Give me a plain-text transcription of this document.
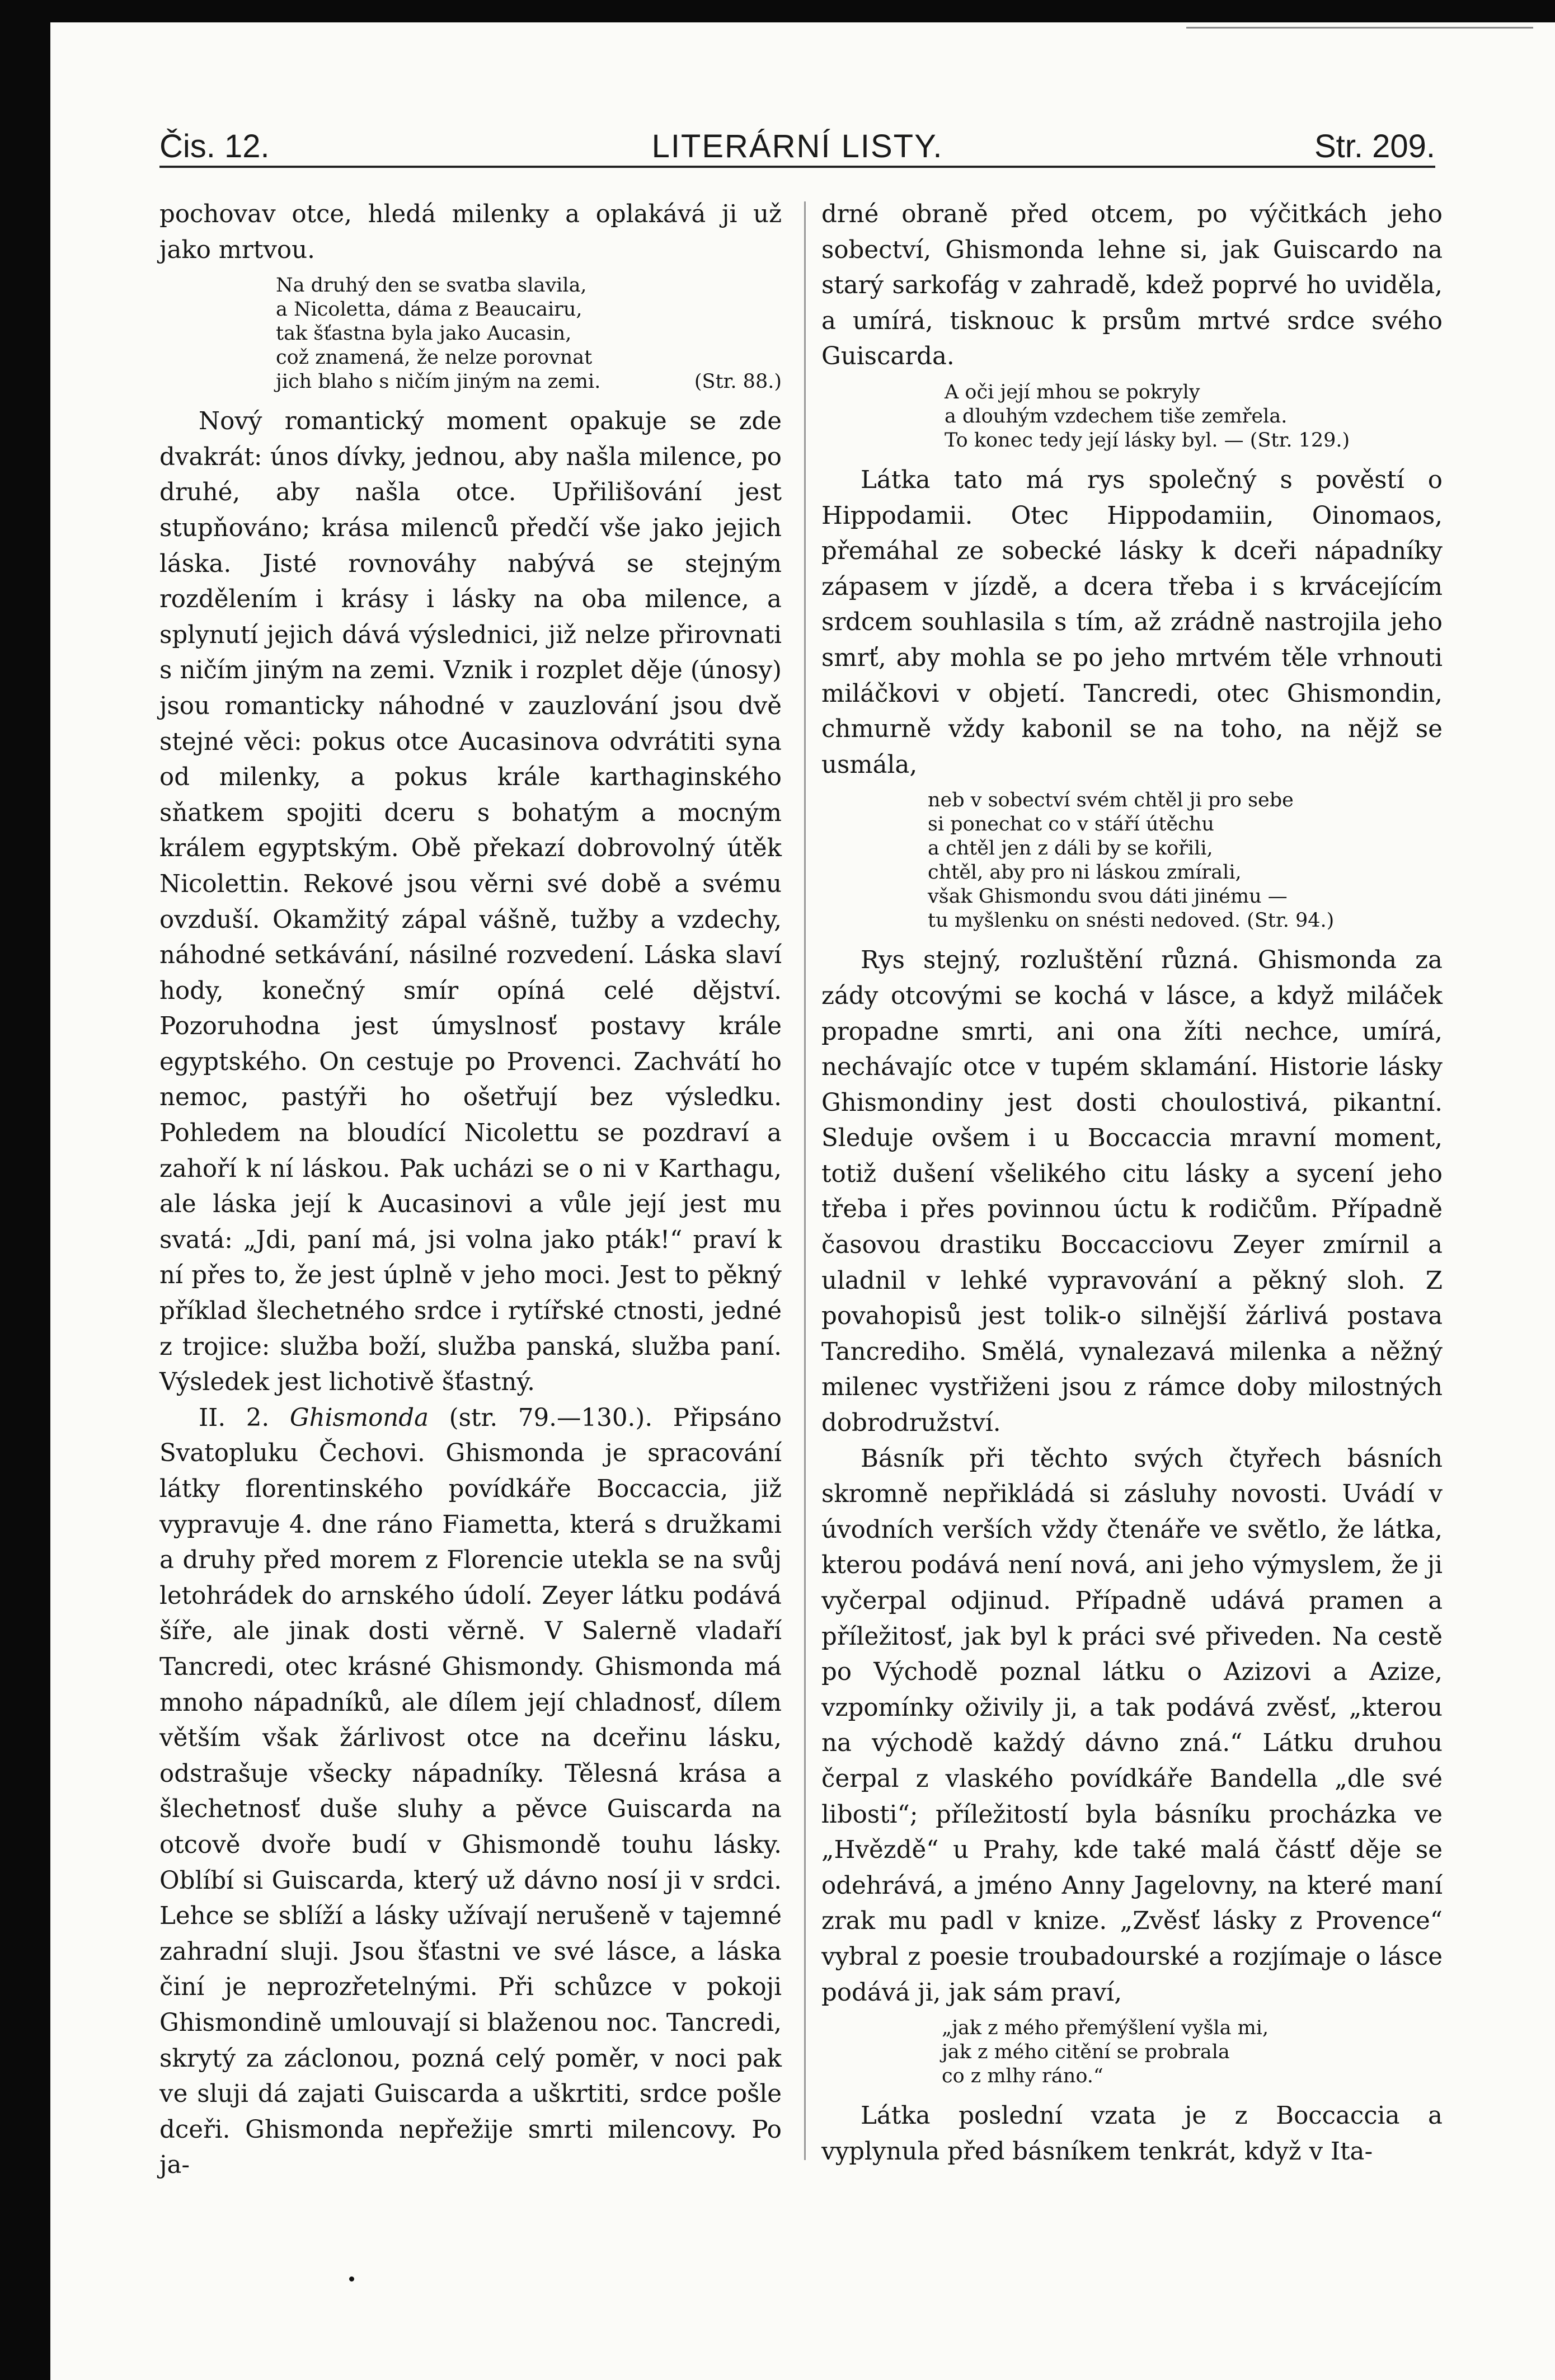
Čis. 12.	LITERÁRNÍ LISTY.	Str. 209.

pochovav otce, hledá milenky a oplakává ji už jako mrtvou.

Na druhý den se svatba slavila,
a Nicoletta, dáma z Beaucairu,
tak šťastna byla jako Aucasin,
což znamená, že nelze porovnat
jich blaho s ničím jiným na zemi.	(Str. 88.)

Nový romantický moment opakuje se zde dvakrát: únos dívky, jednou, aby našla milence, po druhé, aby našla otce. Upřilišování jest stupňováno; krása milenců předčí vše jako jejich láska. Jisté rovnováhy nabývá se stejným rozdělením i krásy i lásky na oba milence, a splynutí jejich dává výslednici, již nelze přirovnati s ničím jiným na zemi. Vznik i rozplet děje (únosy) jsou romanticky náhodné v zauzlování jsou dvě stejné věci: pokus otce Aucasinova odvrátiti syna od milenky, a pokus krále karthaginského sňatkem spojiti dceru s bohatým a mocným králem egyptským. Obě překazí dobrovolný útěk Nicolettin. Rekové jsou věrni své době a svému ovzduší. Okamžitý zápal vášně, tužby a vzdechy, náhodné setkávání, násilné rozvedení. Láska slaví hody, konečný smír opíná celé dějství. Pozoruhodna jest úmyslnosť postavy krále egyptského. On cestuje po Provenci. Zachvátí ho nemoc, pastýři ho ošetřují bez výsledku. Pohledem na bloudící Nicolettu se pozdraví a zahoří k ní láskou. Pak ucházi se o ni v Karthagu, ale láska její k Aucasinovi a vůle její jest mu svatá: „Jdi, paní má, jsi volna jako pták!“ praví k ní přes to, že jest úplně v jeho moci. Jest to pěkný příklad šlechetného srdce i rytířské ctnosti, jedné z trojice: služba boží, služba panská, služba paní. Výsledek jest lichotivě šťastný.

II. 2. Ghismonda (str. 79.—130.). Připsáno Svatopluku Čechovi. Ghismonda je spracování látky florentinského povídkáře Boccaccia, již vypravuje 4. dne ráno Fiametta, která s družkami a druhy před morem z Florencie utekla se na svůj letohrádek do arnského údolí. Zeyer látku podává šíře, ale jinak dosti věrně. V Salerně vladaří Tancredi, otec krásné Ghismondy. Ghismonda má mnoho nápadníků, ale dílem její chladnosť, dílem větším však žárlivost otce na dceřinu lásku, odstrašuje všecky nápadníky. Tělesná krása a šlechetnosť duše sluhy a pěvce Guiscarda na otcově dvoře budí v Ghismondě touhu lásky. Oblíbí si Guiscarda, který už dávno nosí ji v srdci. Lehce se sblíží a lásky užívají nerušeně v tajemné zahradní sluji. Jsou šťastni ve své lásce, a láska činí je neprozřetelnými. Při schůzce v pokoji Ghismondině umlouvají si blaženou noc. Tancredi, skrytý za záclonou, pozná celý poměr, v noci pak ve sluji dá zajati Guiscarda a uškrtiti, srdce pošle dceři. Ghismonda nepřežije smrti milencovy. Po ja-

drné obraně před otcem, po výčitkách jeho sobectví, Ghismonda lehne si, jak Guiscardo na starý sarkofág v zahradě, kdež poprvé ho uviděla, a umírá, tisknouc k prsům mrtvé srdce svého Guiscarda.

A oči její mhou se pokryly
a dlouhým vzdechem tiše zemřela.
To konec tedy její lásky byl. — (Str. 129.)

Látka tato má rys společný s pověstí o Hippodamii. Otec Hippodamiin, Oinomaos, přemáhal ze sobecké lásky k dceři nápadníky zápasem v jízdě, a dcera třeba i s krvácejícím srdcem souhlasila s tím, až zrádně nastrojila jeho smrť, aby mohla se po jeho mrtvém těle vrhnouti miláčkovi v objetí. Tancredi, otec Ghismondin, chmurně vždy kabonil se na toho, na nějž se usmála,

neb v sobectví svém chtěl ji pro sebe
si ponechat co v stáří útěchu
a chtěl jen z dáli by se kořili,
chtěl, aby pro ni láskou zmírali,
však Ghismondu svou dáti jinému —
tu myšlenku on snésti nedoved. (Str. 94.)

Rys stejný, rozluštění různá. Ghismonda za zády otcovými se kochá v lásce, a když miláček propadne smrti, ani ona žíti nechce, umírá, nechávajíc otce v tupém sklamání. Historie lásky Ghismondiny jest dosti choulostivá, pikantní. Sleduje ovšem i u Boccaccia mravní moment, totiž dušení všelikého citu lásky a sycení jeho třeba i přes povinnou úctu k rodičům. Případně časovou drastiku Boccacciovu Zeyer zmírnil a uladnil v lehké vypravování a pěkný sloh. Z povahopisů jest tolik-o silnější žárlivá postava Tancrediho. Smělá, vynalezavá milenka a něžný milenec vystřiženi jsou z rámce doby milostných dobrodružství.

Básník při těchto svých čtyřech básních skromně nepřikládá si zásluhy novosti. Uvádí v úvodních verších vždy čtenáře ve světlo, že látka, kterou podává není nová, ani jeho výmyslem, že ji vyčerpal odjinud. Případně udává pramen a příležitosť, jak byl k práci své přiveden. Na cestě po Východě poznal látku o Azizovi a Azize, vzpomínky oživily ji, a tak podává zvěsť, „kterou na východě každý dávno zná.“ Látku druhou čerpal z vlaského povídkáře Bandella „dle své libosti“; příležitostí byla básníku procházka ve „Hvězdě“ u Prahy, kde také malá částť děje se odehrává, a jméno Anny Jagelovny, na které maní zrak mu padl v knize. „Zvěsť lásky z Provence“ vybral z poesie troubadourské a rozjímaje o lásce podává ji, jak sám praví,

„jak z mého přemýšlení vyšla mi,
jak z mého citění se probrala
co z mlhy ráno.“

Látka poslední vzata je z Boccaccia a vyplynula před básníkem tenkrát, když v Ita-
